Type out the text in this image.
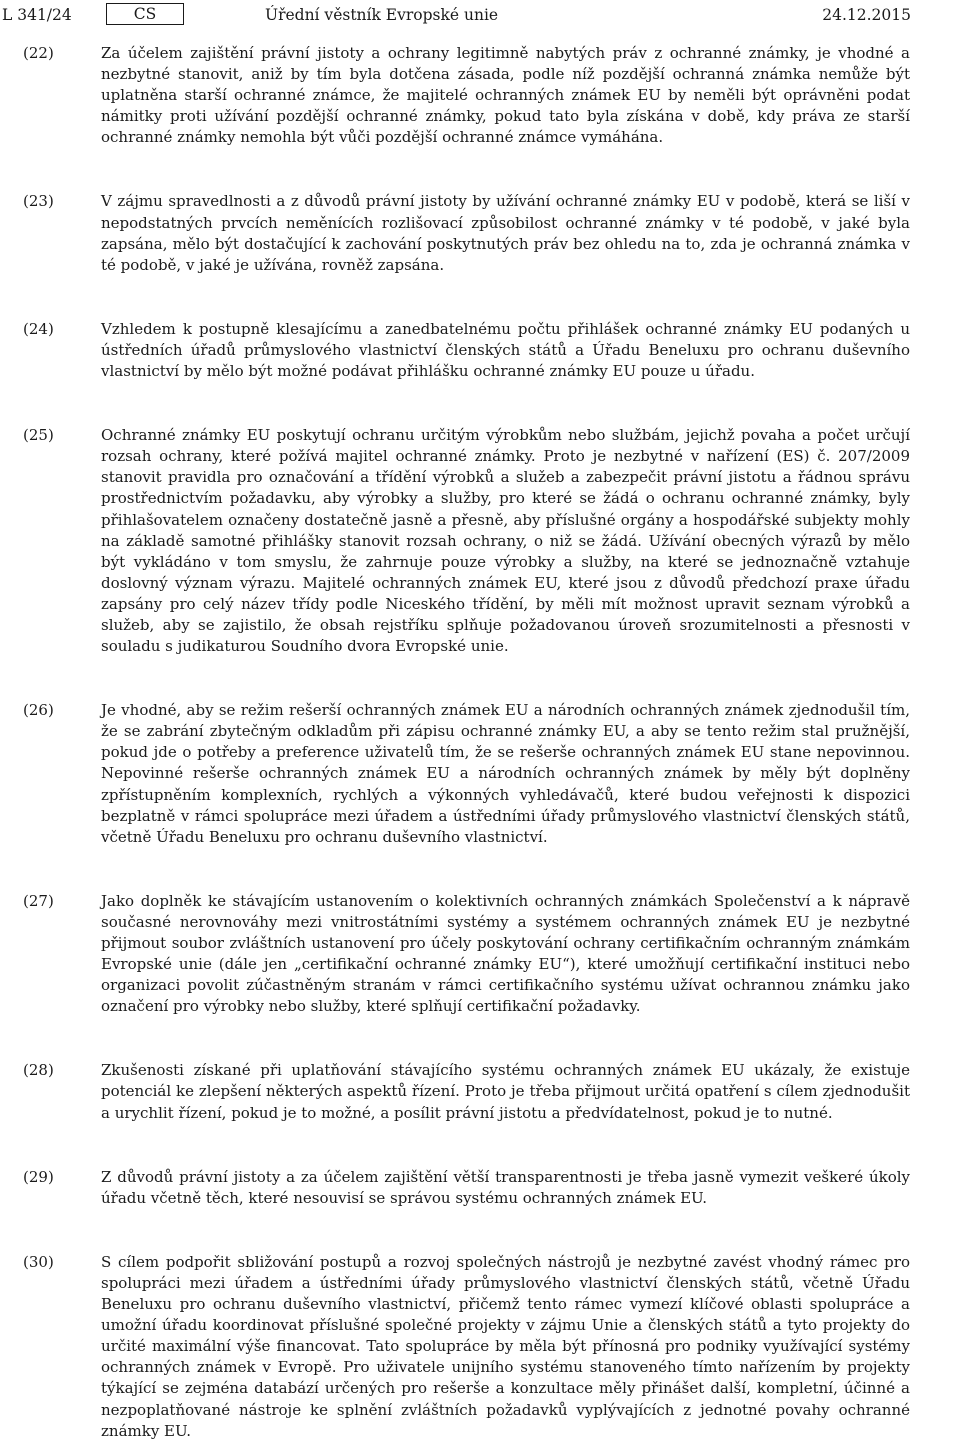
L 341/24	CS	Úřední věstník Evropské unie	24.12.2015
(22)	Za účelem zajištění právní jistoty a ochrany legitimně nabytých práv z ochranné známky, je vhodné a nezbytné stanovit, aniž by tím byla dotčena zásada, podle níž pozdější ochranná známka nemůže být uplatněna starší ochranné známce, že majitelé ochranných známek EU by neměli být oprávněni podat námitky proti užívání pozdější ochranné známky, pokud tato byla získána v době, kdy práva ze starší ochranné známky nemohla být vůči pozdější ochranné známce vymáhána.
(23)	V zájmu spravedlnosti a z důvodů právní jistoty by užívání ochranné známky EU v podobě, která se liší v nepodstatných prvcích neměnících rozlišovací způsobilost ochranné známky v té podobě, v jaké byla zapsána, mělo být dostačující k zachování poskytnutých práv bez ohledu na to, zda je ochranná známka v té podobě, v jaké je užívána, rovněž zapsána.
(24)	Vzhledem k postupně klesajícímu a zanedbatelnému počtu přihlášek ochranné známky EU podaných u ústředních úřadů průmyslového vlastnictví členských států a Úřadu Beneluxu pro ochranu duševního vlastnictví by mělo být možné podávat přihlášku ochranné známky EU pouze u úřadu.
(25)	Ochranné známky EU poskytují ochranu určitým výrobkům nebo službám, jejichž povaha a počet určují rozsah ochrany, které požívá majitel ochranné známky. Proto je nezbytné v nařízení (ES) č. 207/2009 stanovit pravidla pro označování a třídění výrobků a služeb a zabezpečit právní jistotu a řádnou správu prostřednictvím požadavku, aby výrobky a služby, pro které se žádá o ochranu ochranné známky, byly přihlašovatelem označeny dostatečně jasně a přesně, aby příslušné orgány a hospodářské subjekty mohly na základě samotné přihlášky stanovit rozsah ochrany, o niž se žádá. Užívání obecných výrazů by mělo být vykládáno v tom smyslu, že zahrnuje pouze výrobky a služby, na které se jednoznačně vztahuje doslovný význam výrazu. Majitelé ochranných známek EU, které jsou z důvodů předchozí praxe úřadu zapsány pro celý název třídy podle Niceského třídění, by měli mít možnost upravit seznam výrobků a služeb, aby se zajistilo, že obsah rejstříku splňuje požadovanou úroveň srozumitelnosti a přesnosti v souladu s judikaturou Soudního dvora Evropské unie.
(26)	Je vhodné, aby se režim rešerší ochranných známek EU a národních ochranných známek zjednodušil tím, že se zabrání zbytečným odkladům při zápisu ochranné známky EU, a aby se tento režim stal pružnější, pokud jde o potřeby a preference uživatelů tím, že se rešerše ochranných známek EU stane nepovinnou. Nepovinné rešerše ochranných známek EU a národních ochranných známek by měly být doplněny zpřístupněním komplexních, rychlých a výkonných vyhledávačů, které budou veřejnosti k dispozici bezplatně v rámci spolupráce mezi úřadem a ústředními úřady průmyslového vlastnictví členských států, včetně Úřadu Beneluxu pro ochranu duševního vlastnictví.
(27)	Jako doplněk ke stávajícím ustanovením o kolektivních ochranných známkách Společenství a k nápravě současné nerovnováhy mezi vnitrostátními systémy a systémem ochranných známek EU je nezbytné přijmout soubor zvláštních ustanovení pro účely poskytování ochrany certifikačním ochranným známkám Evropské unie (dále jen „certifikační ochranné známky EU“), které umožňují certifikační instituci nebo organizaci povolit zúčastněným stranám v rámci certifikačního systému užívat ochrannou známku jako označení pro výrobky nebo služby, které splňují certifikační požadavky.
(28)	Zkušenosti získané při uplatňování stávajícího systému ochranných známek EU ukázaly, že existuje potenciál ke zlepšení některých aspektů řízení. Proto je třeba přijmout určitá opatření s cílem zjednodušit a urychlit řízení, pokud je to možné, a posílit právní jistotu a předvídatelnost, pokud je to nutné.
(29)	Z důvodů právní jistoty a za účelem zajištění větší transparentnosti je třeba jasně vymezit veškeré úkoly úřadu včetně těch, které nesouvisí se správou systému ochranných známek EU.
(30)	S cílem podpořit sbližování postupů a rozvoj společných nástrojů je nezbytné zavést vhodný rámec pro spolupráci mezi úřadem a ústředními úřady průmyslového vlastnictví členských států, včetně Úřadu Beneluxu pro ochranu duševního vlastnictví, přičemž tento rámec vymezí klíčové oblasti spolupráce a umožní úřadu koordinovat příslušné společné projekty v zájmu Unie a členských států a tyto projekty do určité maximální výše financovat. Tato spolupráce by měla být přínosná pro podniky využívající systémy ochranných známek v Evropě. Pro uživatele unijního systému stanoveného tímto nařízením by projekty týkající se zejména databází určených pro rešerše a konzultace měly přinášet další, kompletní, účinné a nezpoplatňované nástroje ke splnění zvláštních požadavků vyplývajících z jednotné povahy ochranné známky EU.
